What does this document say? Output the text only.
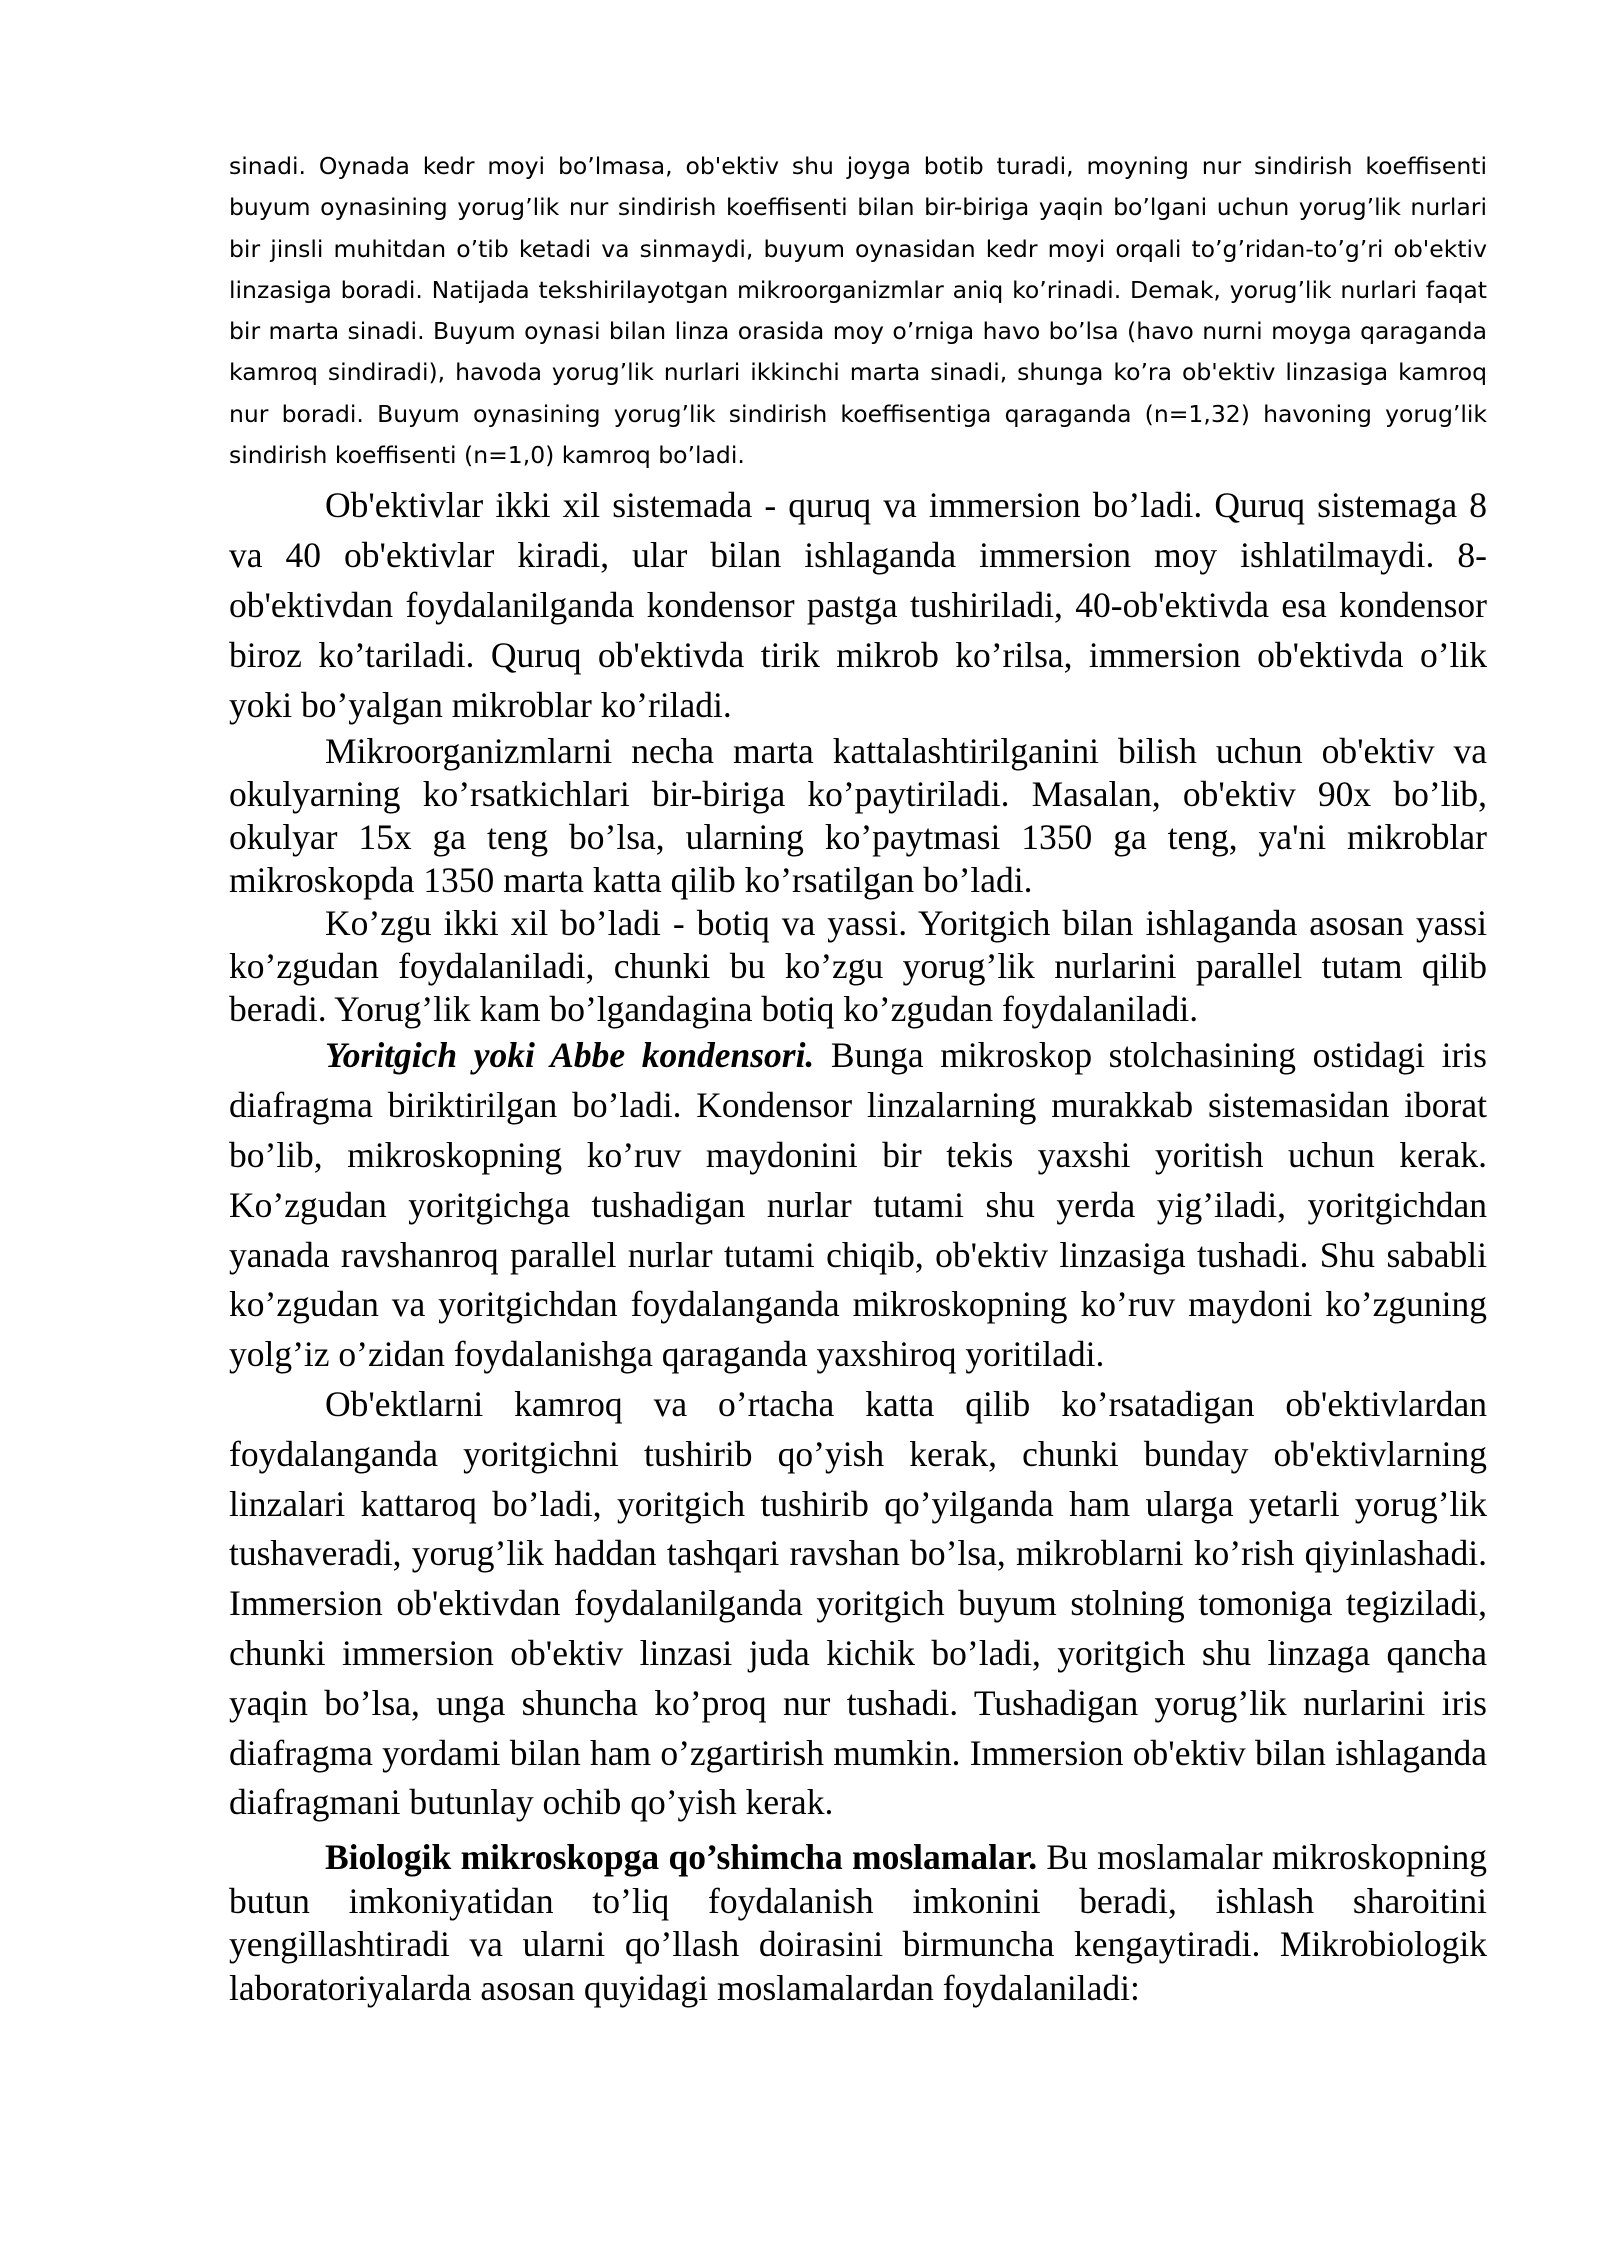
sinadi. Oynada kedr moyi bo’lmasa, ob'ektiv shu joyga botib turadi, moyning nur sindirish koeffisenti buyum oynasining yorug’lik nur sindirish koeffisenti bilan bir-biriga yaqin bo’lgani uchun yorug’lik nurlari bir jinsli muhitdan o’tib ketadi va sinmaydi, buyum oynasidan kedr moyi orqali to’g’ridan-to’g’ri ob'ektiv linzasiga boradi. Natijada tekshirilayotgan mikroorganizmlar aniq ko’rinadi. Demak, yorug’lik nurlari faqat bir marta sinadi. Buyum oynasi bilan linza orasida moy o’rniga havo bo’lsa (havo nurni moyga qaraganda kamroq sindiradi), havoda yorug’lik nurlari ikkinchi marta sinadi, shunga ko’ra ob'ektiv linzasiga kamroq nur boradi. Buyum oynasining yorug’lik sindirish koeffisentiga qaraganda (n=1,32) havoning yorug’lik sindirish koeffisenti (n=1,0) kamroq bo’ladi.

Ob'ektivlar ikki xil sistemada - quruq va immersion bo’ladi. Quruq sistemaga 8 va 40 ob'ektivlar kiradi, ular bilan ishlaganda immersion moy ishlatilmaydi. 8-ob'ektivdan foydalanilganda kondensor pastga tushiriladi, 40-ob'ektivda esa kondensor biroz ko’tariladi. Quruq ob'ektivda tirik mikrob ko’rilsa, immersion ob'ektivda o’lik yoki bo’yalgan mikroblar ko’riladi.

Mikroorganizmlarni necha marta kattalashtirilganini bilish uchun ob'ektiv va okulyarning ko’rsatkichlari bir-biriga ko’paytiriladi. Masalan, ob'ektiv 90x bo’lib, okulyar 15x ga teng bo’lsa, ularning ko’paytmasi 1350 ga teng, ya'ni mikroblar mikroskopda 1350 marta katta qilib ko’rsatilgan bo’ladi.

Ko’zgu ikki xil bo’ladi - botiq va yassi. Yoritgich bilan ishlaganda asosan yassi ko’zgudan foydalaniladi, chunki bu ko’zgu yorug’lik nurlarini parallel tutam qilib beradi. Yorug’lik kam bo’lgandagina botiq ko’zgudan foydalaniladi.

Yoritgich yoki Abbe kondensori. Bunga mikroskop stolchasining ostidagi iris diafragma biriktirilgan bo’ladi. Kondensor linzalarning murakkab sistemasidan iborat bo’lib, mikroskopning ko’ruv maydonini bir tekis yaxshi yoritish uchun kerak. Ko’zgudan yoritgichga tushadigan nurlar tutami shu yerda yig’iladi, yoritgichdan yanada ravshanroq parallel nurlar tutami chiqib, ob'ektiv linzasiga tushadi. Shu sababli ko’zgudan va yoritgichdan foydalanganda mikroskopning ko’ruv maydoni ko’zguning yolg’iz o’zidan foydalanishga qaraganda yaxshiroq yoritiladi.

Ob'ektlarni kamroq va o’rtacha katta qilib ko’rsatadigan ob'ektivlardan foydalanganda yoritgichni tushirib qo’yish kerak, chunki bunday ob'ektivlarning linzalari kattaroq bo’ladi, yoritgich tushirib qo’yilganda ham ularga yetarli yorug’lik tushaveradi, yorug’lik haddan tashqari ravshan bo’lsa, mikroblarni ko’rish qiyinlashadi. Immersion ob'ektivdan foydalanilganda yoritgich buyum stolning tomoniga tegiziladi, chunki immersion ob'ektiv linzasi juda kichik bo’ladi, yoritgich shu linzaga qancha yaqin bo’lsa, unga shuncha ko’proq nur tushadi. Tushadigan yorug’lik nurlarini iris diafragma yordami bilan ham o’zgartirish mumkin. Immersion ob'ektiv bilan ishlaganda diafragmani butunlay ochib qo’yish kerak.

Biologik mikroskopga qo’shimcha moslamalar. Bu moslamalar mikroskopning butun imkoniyatidan to’liq foydalanish imkonini beradi, ishlash sharoitini yengillashtiradi va ularni qo’llash doirasini birmuncha kengaytiradi. Mikrobiologik laboratoriyalarda asosan quyidagi moslamalardan foydalaniladi:
